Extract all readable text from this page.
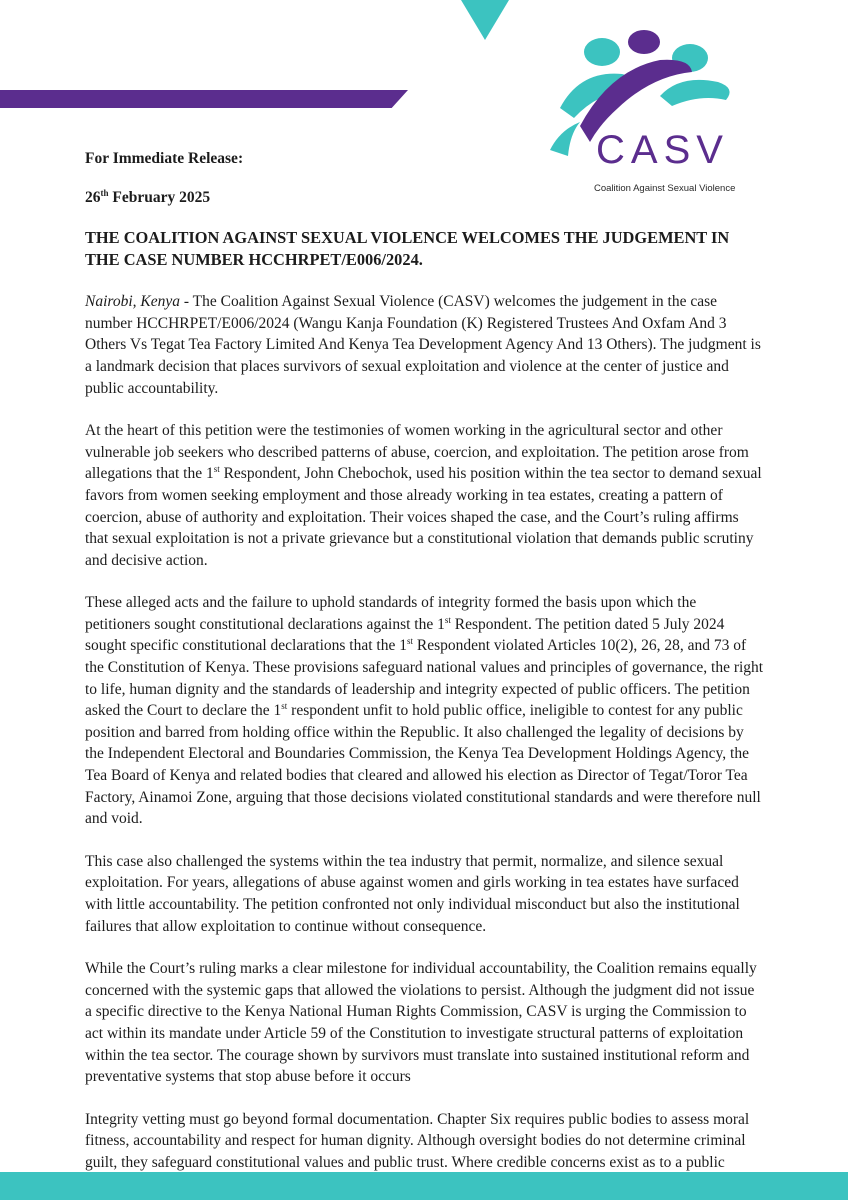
CASV
Coalition Against Sexual Violence
For Immediate Release:
26th February 2025
THE COALITION AGAINST SEXUAL VIOLENCE WELCOMES THE JUDGEMENT IN THE CASE NUMBER HCCHRPET/E006/2024.

Nairobi, Kenya - The Coalition Against Sexual Violence (CASV) welcomes the judgement in the case number HCCHRPET/E006/2024 (Wangu Kanja Foundation (K) Registered Trustees And Oxfam And 3 Others Vs Tegat Tea Factory Limited And Kenya Tea Development Agency And 13 Others). The judgment is a landmark decision that places survivors of sexual exploitation and violence at the center of justice and public accountability.

At the heart of this petition were the testimonies of women working in the agricultural sector and other vulnerable job seekers who described patterns of abuse, coercion, and exploitation. The petition arose from allegations that the 1st Respondent, John Chebochok, used his position within the tea sector to demand sexual favors from women seeking employment and those already working in tea estates, creating a pattern of coercion, abuse of authority and exploitation. Their voices shaped the case, and the Court’s ruling affirms that sexual exploitation is not a private grievance but a constitutional violation that demands public scrutiny and decisive action.

These alleged acts and the failure to uphold standards of integrity formed the basis upon which the petitioners sought constitutional declarations against the 1st Respondent. The petition dated 5 July 2024 sought specific constitutional declarations that the 1st Respondent violated Articles 10(2), 26, 28, and 73 of the Constitution of Kenya. These provisions safeguard national values and principles of governance, the right to life, human dignity and the standards of leadership and integrity expected of public officers. The petition asked the Court to declare the 1st respondent unfit to hold public office, ineligible to contest for any public position and barred from holding office within the Republic. It also challenged the legality of decisions by the Independent Electoral and Boundaries Commission, the Kenya Tea Development Holdings Agency, the Tea Board of Kenya and related bodies that cleared and allowed his election as Director of Tegat/Toror Tea Factory, Ainamoi Zone, arguing that those decisions violated constitutional standards and were therefore null and void.

This case also challenged the systems within the tea industry that permit, normalize, and silence sexual exploitation. For years, allegations of abuse against women and girls working in tea estates have surfaced with little accountability. The petition confronted not only individual misconduct but also the institutional failures that allow exploitation to continue without consequence.

While the Court’s ruling marks a clear milestone for individual accountability, the Coalition remains equally concerned with the systemic gaps that allowed the violations to persist. Although the judgment did not issue a specific directive to the Kenya National Human Rights Commission, CASV is urging the Commission to act within its mandate under Article 59 of the Constitution to investigate structural patterns of exploitation within the tea sector. The courage shown by survivors must translate into sustained institutional reform and preventative systems that stop abuse before it occurs

Integrity vetting must go beyond formal documentation. Chapter Six requires public bodies to assess moral fitness, accountability and respect for human dignity. Although oversight bodies do not determine criminal guilt, they safeguard constitutional values and public trust. Where credible concerns exist as to a public
